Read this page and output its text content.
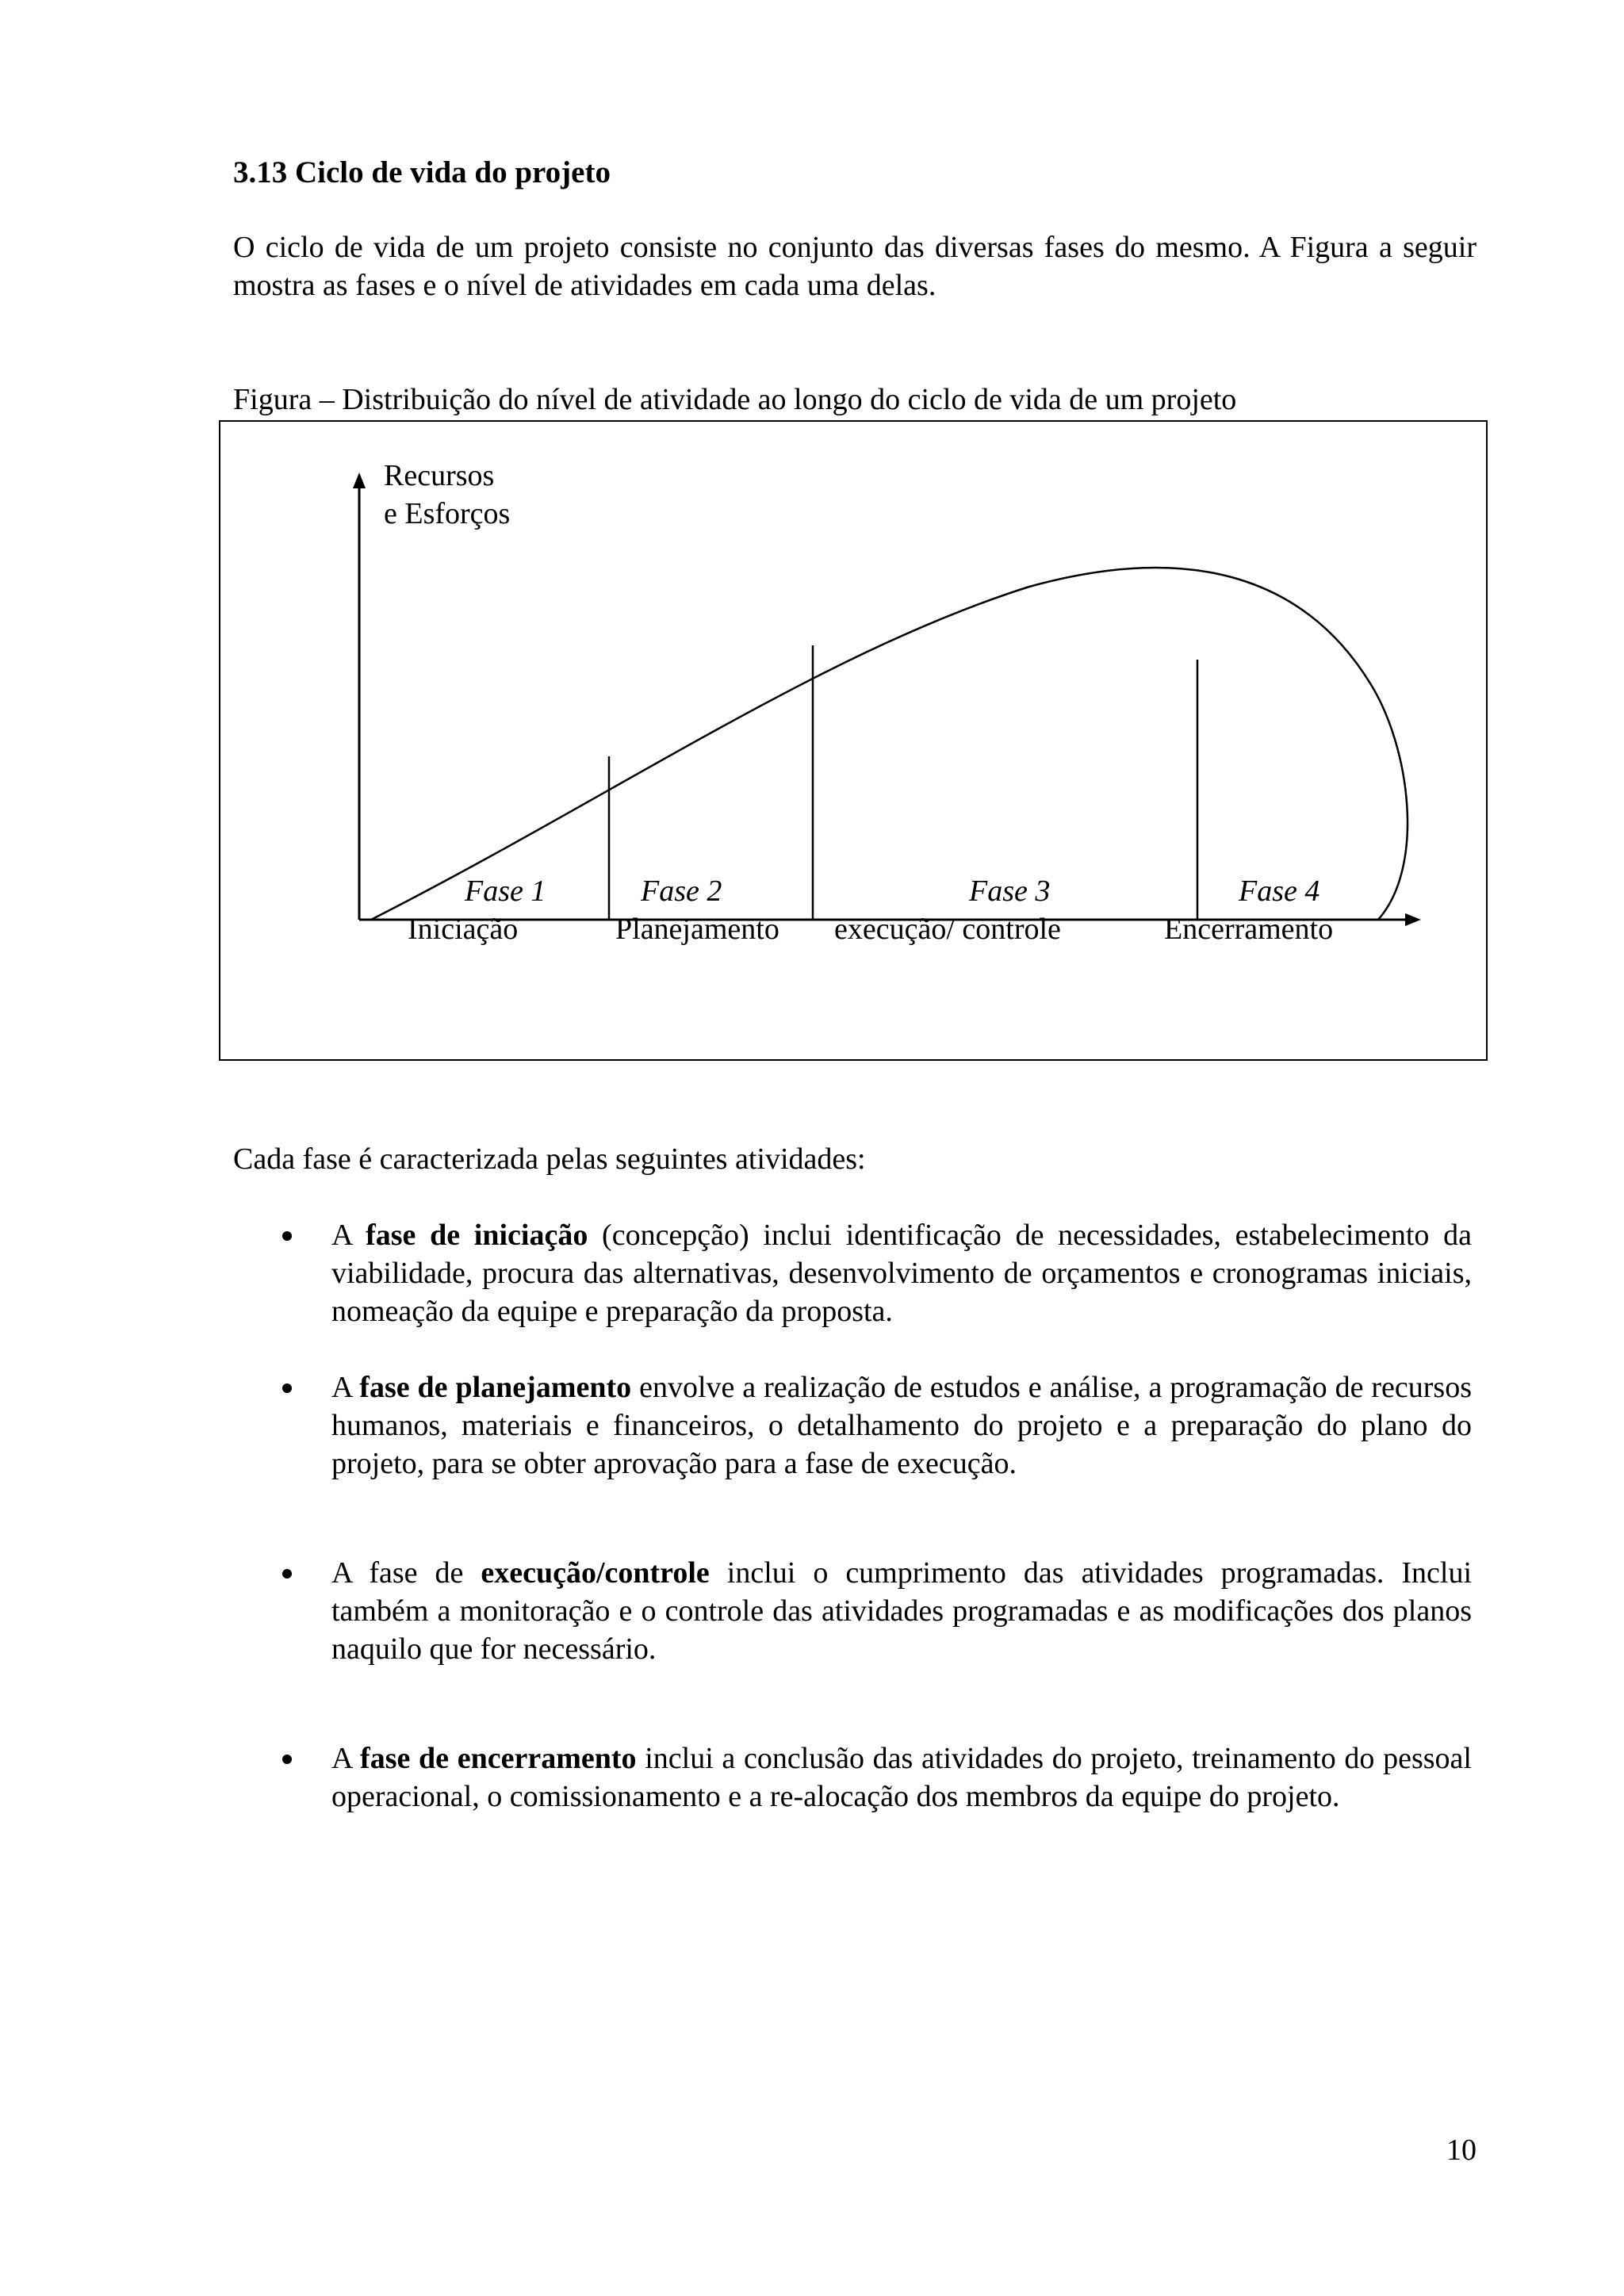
3.13 Ciclo de vida do projeto
O ciclo de vida de um projeto consiste no conjunto das diversas fases do mesmo. A Figura a seguir mostra as fases e o nível de atividades em cada uma delas.
Figura – Distribuição do nível de atividade ao longo do ciclo de vida de um projeto
Recursos
e Esforços
Fase 1	Fase 2	Fase 3	Fase 4
Iniciação	Planejamento execução/ controle	Encerramento
Cada fase é caracterizada pelas seguintes atividades:
A fase de iniciação (concepção) inclui identificação de necessidades, estabelecimento da viabilidade, procura das alternativas, desenvolvimento de orçamentos e cronogramas iniciais, nomeação da equipe e preparação da proposta.
A fase de planejamento envolve a realização de estudos e análise, a programação de recursos humanos, materiais e financeiros, o detalhamento do projeto e a preparação do plano do projeto, para se obter aprovação para a fase de execução.
A fase de execução/controle inclui o cumprimento das atividades programadas. Inclui também a monitoração e o controle das atividades programadas e as modificações dos planos naquilo que for necessário.
A fase de encerramento inclui a conclusão das atividades do projeto, treinamento do pessoal operacional, o comissionamento e a re-alocação dos membros da equipe do projeto.
10
